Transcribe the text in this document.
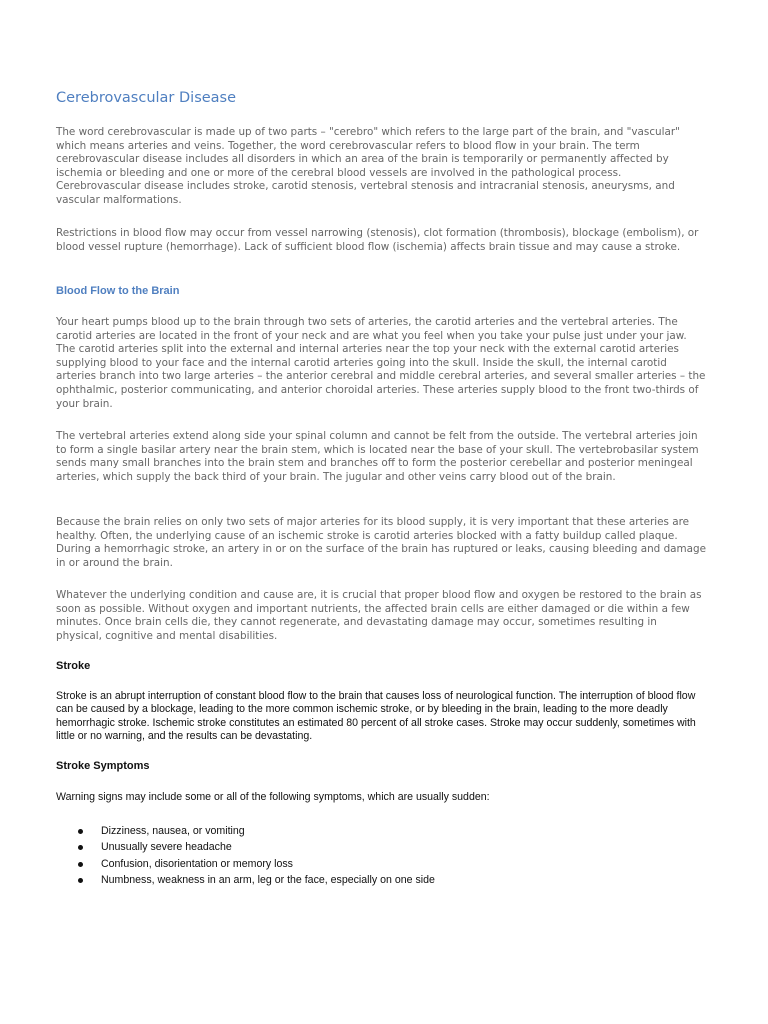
Cerebrovascular Disease

The word cerebrovascular is made up of two parts – "cerebro" which refers to the large part of the brain, and "vascular" which means arteries and veins. Together, the word cerebrovascular refers to blood flow in your brain. The term cerebrovascular disease includes all disorders in which an area of the brain is temporarily or permanently affected by ischemia or bleeding and one or more of the cerebral blood vessels are involved in the pathological process. Cerebrovascular disease includes stroke, carotid stenosis, vertebral stenosis and intracranial stenosis, aneurysms, and vascular malformations.

Restrictions in blood flow may occur from vessel narrowing (stenosis), clot formation (thrombosis), blockage (embolism), or blood vessel rupture (hemorrhage). Lack of sufficient blood flow (ischemia) affects brain tissue and may cause a stroke.

Blood Flow to the Brain

Your heart pumps blood up to the brain through two sets of arteries, the carotid arteries and the vertebral arteries. The carotid arteries are located in the front of your neck and are what you feel when you take your pulse just under your jaw. The carotid arteries split into the external and internal arteries near the top your neck with the external carotid arteries supplying blood to your face and the internal carotid arteries going into the skull. Inside the skull, the internal carotid arteries branch into two large arteries – the anterior cerebral and middle cerebral arteries, and several smaller arteries – the ophthalmic, posterior communicating, and anterior choroidal arteries. These arteries supply blood to the front two-thirds of your brain.

The vertebral arteries extend along side your spinal column and cannot be felt from the outside. The vertebral arteries join to form a single basilar artery near the brain stem, which is located near the base of your skull. The vertebrobasilar system sends many small branches into the brain stem and branches off to form the posterior cerebellar and posterior meningeal arteries, which supply the back third of your brain. The jugular and other veins carry blood out of the brain.

Because the brain relies on only two sets of major arteries for its blood supply, it is very important that these arteries are healthy. Often, the underlying cause of an ischemic stroke is carotid arteries blocked with a fatty buildup called plaque. During a hemorrhagic stroke, an artery in or on the surface of the brain has ruptured or leaks, causing bleeding and damage in or around the brain.

Whatever the underlying condition and cause are, it is crucial that proper blood flow and oxygen be restored to the brain as soon as possible. Without oxygen and important nutrients, the affected brain cells are either damaged or die within a few minutes. Once brain cells die, they cannot regenerate, and devastating damage may occur, sometimes resulting in physical, cognitive and mental disabilities.

Stroke

Stroke is an abrupt interruption of constant blood flow to the brain that causes loss of neurological function. The interruption of blood flow can be caused by a blockage, leading to the more common ischemic stroke, or by bleeding in the brain, leading to the more deadly hemorrhagic stroke. Ischemic stroke constitutes an estimated 80 percent of all stroke cases. Stroke may occur suddenly, sometimes with little or no warning, and the results can be devastating.

Stroke Symptoms

Warning signs may include some or all of the following symptoms, which are usually sudden:

Dizziness, nausea, or vomiting
Unusually severe headache
Confusion, disorientation or memory loss
Numbness, weakness in an arm, leg or the face, especially on one side
